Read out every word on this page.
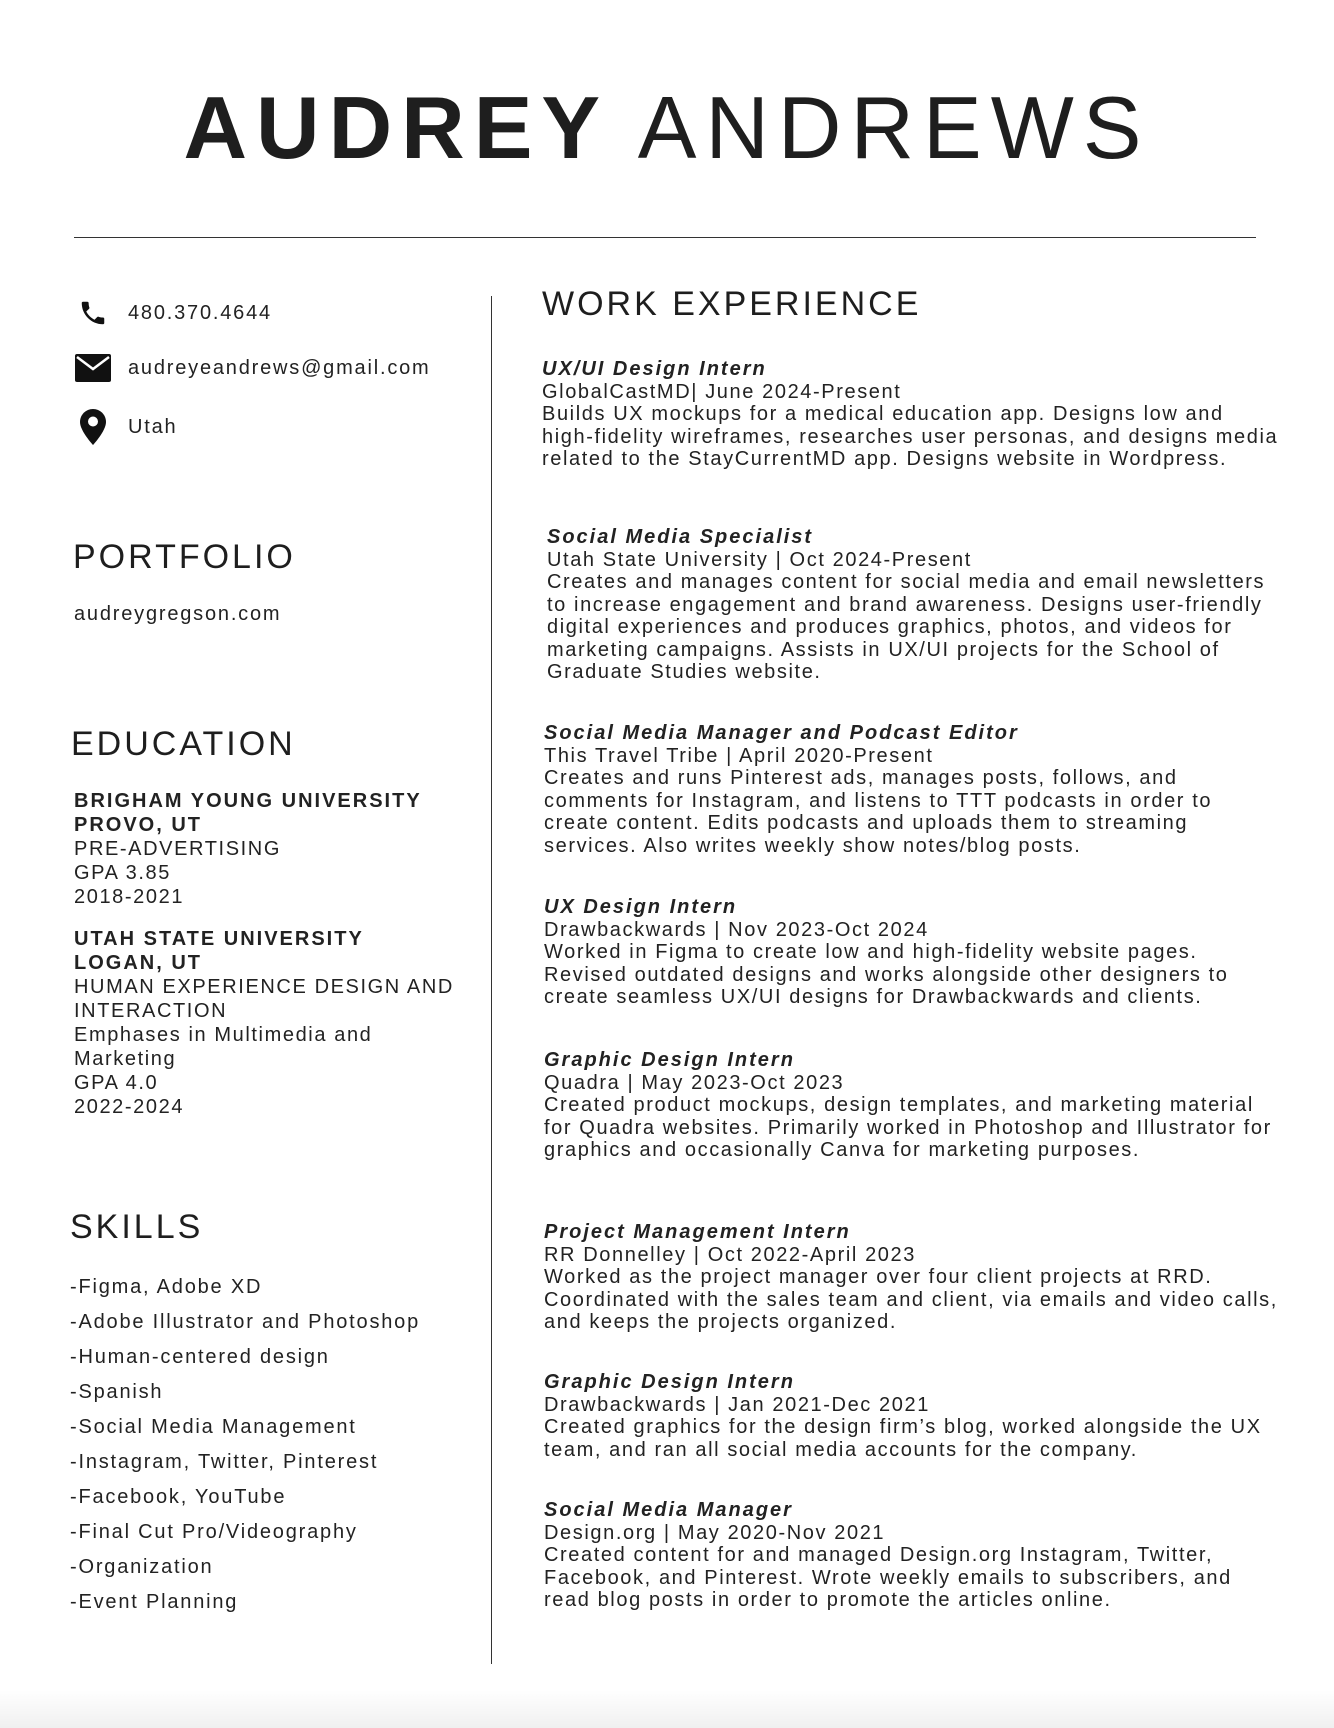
AUDREY ANDREWS
480.370.4644
audreyeandrews@gmail.com
Utah
PORTFOLIO
audreygregson.com
EDUCATION
BRIGHAM YOUNG UNIVERSITY
PROVO, UT
PRE-ADVERTISING
GPA 3.85
2018-2021
UTAH STATE UNIVERSITY
LOGAN, UT
HUMAN EXPERIENCE DESIGN AND INTERACTION
Emphases in Multimedia and Marketing
GPA 4.0
2022-2024
SKILLS
-Figma, Adobe XD
-Adobe Illustrator and Photoshop
-Human-centered design
-Spanish
-Social Media Management
-Instagram, Twitter, Pinterest
-Facebook, YouTube
-Final Cut Pro/Videography
-Organization
-Event Planning
WORK EXPERIENCE

UX/UI Design Intern

GlobalCastMD| June 2024-Present

Builds UX mockups for a medical education app. Designs low and high-fidelity wireframes, researches user personas, and designs media related to the StayCurrentMD app. Designs website in Wordpress.

Social Media Specialist

Utah State University | Oct 2024-Present

Creates and manages content for social media and email newsletters to increase engagement and brand awareness. Designs user-friendly digital experiences and produces graphics, photos, and videos for marketing campaigns. Assists in UX/UI projects for the School of Graduate Studies website.

Social Media Manager and Podcast Editor

This Travel Tribe | April 2020-Present

Creates and runs Pinterest ads, manages posts, follows, and comments for Instagram, and listens to TTT podcasts in order to create content. Edits podcasts and uploads them to streaming services. Also writes weekly show notes/blog posts.

UX Design Intern

Drawbackwards | Nov 2023-Oct 2024

Worked in Figma to create low and high-fidelity website pages. Revised outdated designs and works alongside other designers to create seamless UX/UI designs for Drawbackwards and clients.

Graphic Design Intern

Quadra | May 2023-Oct 2023

Created product mockups, design templates, and marketing material for Quadra websites. Primarily worked in Photoshop and Illustrator for graphics and occasionally Canva for marketing purposes.

Project Management Intern

RR Donnelley | Oct 2022-April 2023

Worked as the project manager over four client projects at RRD. Coordinated with the sales team and client, via emails and video calls, and keeps the projects organized.

Graphic Design Intern

Drawbackwards | Jan 2021-Dec 2021

Created graphics for the design firm’s blog, worked alongside the UX team, and ran all social media accounts for the company.

Social Media Manager

Design.org | May 2020-Nov 2021

Created content for and managed Design.org Instagram, Twitter, Facebook, and Pinterest. Wrote weekly emails to subscribers, and read blog posts in order to promote the articles online.
